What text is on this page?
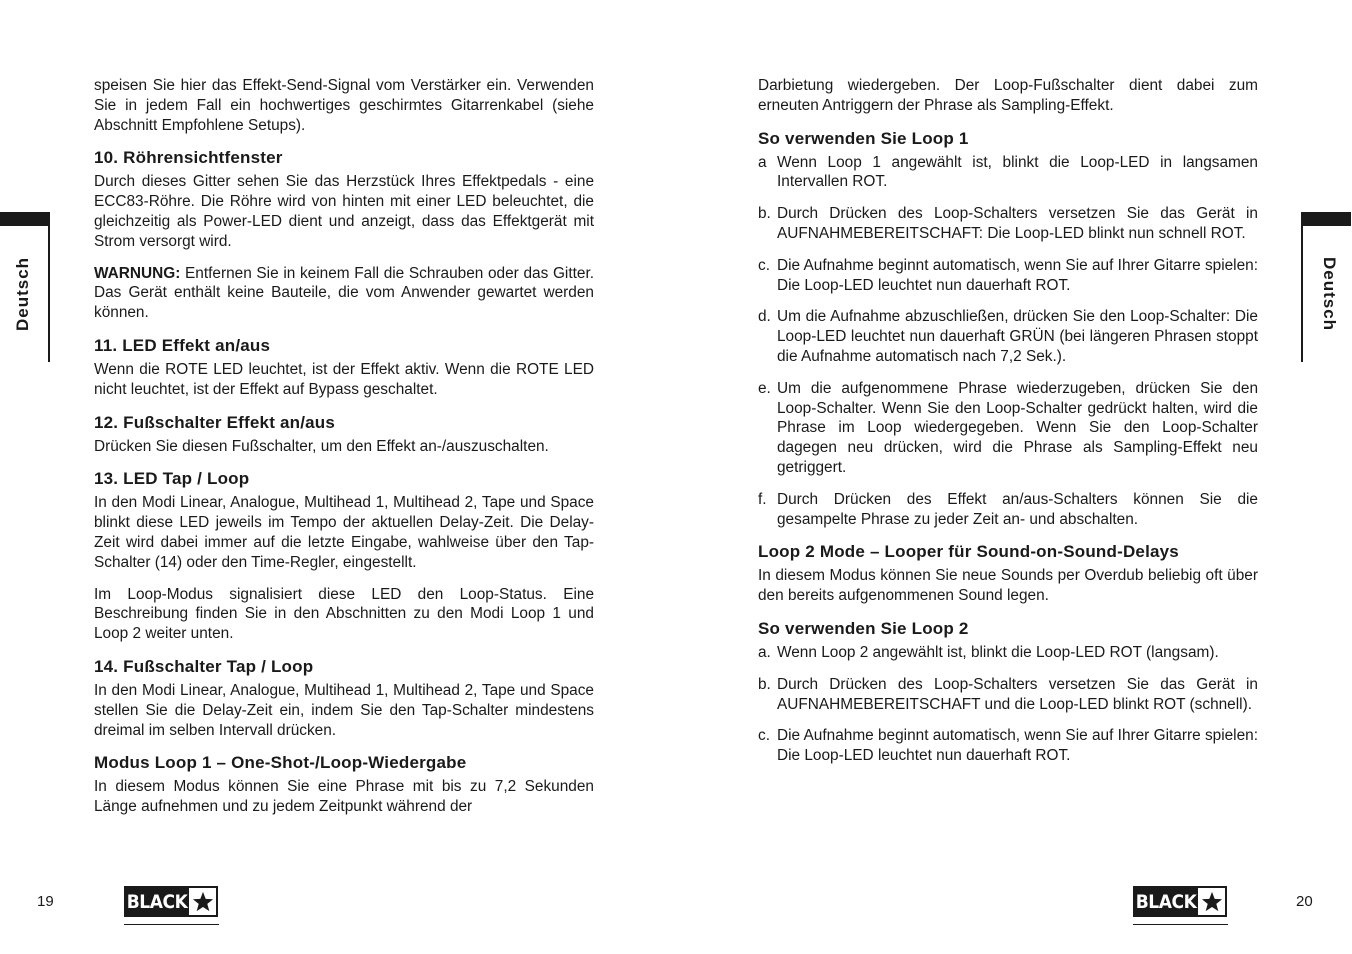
Deutsch

speisen Sie hier das Effekt-Send-Signal vom Verstärker ein. Verwenden Sie in jedem Fall ein hochwertiges geschirmtes Gitarrenkabel (siehe Abschnitt Empfohlene Setups).

10. Röhrensichtfenster

Durch dieses Gitter sehen Sie das Herzstück Ihres Effektpedals - eine ECC83-Röhre. Die Röhre wird von hinten mit einer LED beleuchtet, die gleichzeitig als Power-LED dient und anzeigt, dass das Effektgerät mit Strom versorgt wird.

WARNUNG: Entfernen Sie in keinem Fall die Schrauben oder das Gitter. Das Gerät enthält keine Bauteile, die vom Anwender gewartet werden können.

11. LED Effekt an/aus

Wenn die ROTE LED leuchtet, ist der Effekt aktiv. Wenn die ROTE LED nicht leuchtet, ist der Effekt auf Bypass geschaltet.

12. Fußschalter Effekt an/aus

Drücken Sie diesen Fußschalter, um den Effekt an-/auszuschalten.

13. LED Tap / Loop

In den Modi Linear, Analogue, Multihead 1, Multihead 2, Tape und Space blinkt diese LED jeweils im Tempo der aktuellen Delay-Zeit. Die Delay-Zeit wird dabei immer auf die letzte Eingabe, wahlweise über den Tap-Schalter (14) oder den Time-Regler, eingestellt.

Im Loop-Modus signalisiert diese LED den Loop-Status. Eine Beschreibung finden Sie in den Abschnitten zu den Modi Loop 1 und Loop 2 weiter unten.

14. Fußschalter Tap / Loop

In den Modi Linear, Analogue, Multihead 1, Multihead 2, Tape und Space stellen Sie die Delay-Zeit ein, indem Sie den Tap-Schalter mindestens dreimal im selben Intervall drücken.

Modus Loop 1 – One-Shot-/Loop-Wiedergabe

In diesem Modus können Sie eine Phrase mit bis zu 7,2 Sekunden Länge aufnehmen und zu jedem Zeitpunkt während der

Darbietung wiedergeben. Der Loop-Fußschalter dient dabei zum erneuten Antriggern der Phrase als Sampling-Effekt.

So verwenden Sie Loop 1
a Wenn Loop 1 angewählt ist, blinkt die Loop-LED in langsamen Intervallen ROT.
b. Durch Drücken des Loop-Schalters versetzen Sie das Gerät in AUFNAHMEBEREITSCHAFT: Die Loop-LED blinkt nun schnell ROT.
c. Die Aufnahme beginnt automatisch, wenn Sie auf Ihrer Gitarre spielen: Die Loop-LED leuchtet nun dauerhaft ROT.
d. Um die Aufnahme abzuschließen, drücken Sie den Loop-Schalter: Die Loop-LED leuchtet nun dauerhaft GRÜN (bei längeren Phrasen stoppt die Aufnahme automatisch nach 7,2 Sek.).
e. Um die aufgenommene Phrase wiederzugeben, drücken Sie den Loop-Schalter. Wenn Sie den Loop-Schalter gedrückt halten, wird die Phrase im Loop wiedergegeben. Wenn Sie den Loop-Schalter dagegen neu drücken, wird die Phrase als Sampling-Effekt neu getriggert.
f. Durch Drücken des Effekt an/aus-Schalters können Sie die gesampelte Phrase zu jeder Zeit an- und abschalten.
Loop 2 Mode – Looper für Sound-on-Sound-Delays

In diesem Modus können Sie neue Sounds per Overdub beliebig oft über den bereits aufgenommenen Sound legen.

So verwenden Sie Loop 2
a. Wenn Loop 2 angewählt ist, blinkt die Loop-LED ROT (langsam).
b. Durch Drücken des Loop-Schalters versetzen Sie das Gerät in AUFNAHMEBEREITSCHAFT und die Loop-LED blinkt ROT (schnell).
c. Die Aufnahme beginnt automatisch, wenn Sie auf Ihrer Gitarre spielen: Die Loop-LED leuchtet nun dauerhaft ROT.
Deutsch
19	BLACK	BLACK	20
